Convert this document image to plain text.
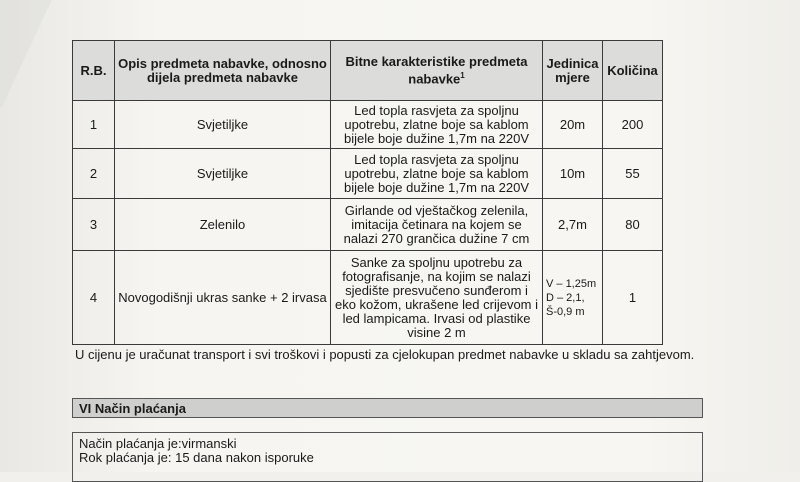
R.B.	Opis predmeta nabavke, odnosno dijela predmeta nabavke	Bitne karakteristike predmeta nabavke$^1$	Jedinica mjere	Količina
1	Svjetiljke	Led topla rasvjeta za spoljnu upotrebu, zlatne boje sa kablom bijele boje dužine 1,7m na 220V	20m	200
2	Svjetiljke	Led topla rasvjeta za spoljnu upotrebu, zlatne boje sa kablom bijele boje dužine 1,7m na 220V	10m	55
3	Zelenilo	Girlande od vještačkog zelenila, imitacija četinara na kojem se nalazi 270 grančica dužine 7 cm	2,7m	80
4	Novogodišnji ukras sanke + 2 irvasa	Sanke za spoljnu upotrebu za fotografisanje, na kojim se nalazi sjedište presvučeno sunđerom i eko kožom, ukrašene led crijevom i led lampicama. Irvasi od plastike visine 2 m	V – 1,25m
D – 2,1,
Š-0,9 m	1
U cijenu je uračunat transport i svi troškovi i popusti za cjelokupan predmet nabavke u skladu sa zahtjevom.
VI Način plaćanja
Način plaćanja je:virmanski
Rok plaćanja je: 15 dana nakon isporuke
